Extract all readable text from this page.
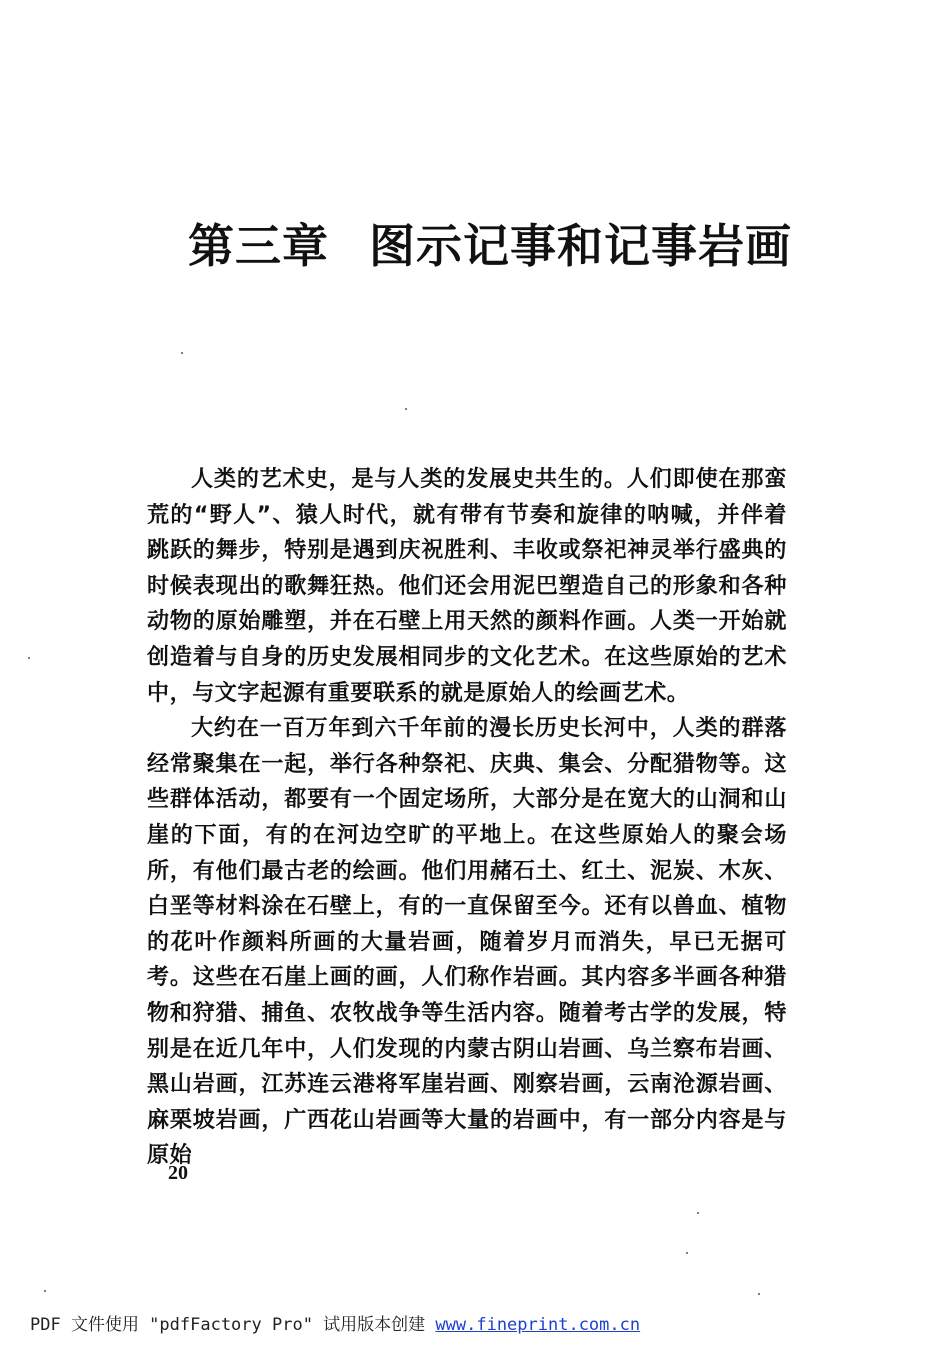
第三章 图示记事和记事岩画

人类的艺术史，是与人类的发展史共生的。人们即使在那蛮荒的“野人”、猿人时代，就有带有节奏和旋律的呐喊，并伴着跳跃的舞步，特别是遇到庆祝胜利、丰收或祭祀神灵举行盛典的时候表现出的歌舞狂热。他们还会用泥巴塑造自己的形象和各种动物的原始雕塑，并在石壁上用天然的颜料作画。人类一开始就创造着与自身的历史发展相同步的文化艺术。在这些原始的艺术中，与文字起源有重要联系的就是原始人的绘画艺术。

大约在一百万年到六千年前的漫长历史长河中，人类的群落经常聚集在一起，举行各种祭祀、庆典、集会、分配猎物等。这些群体活动，都要有一个固定场所，大部分是在宽大的山洞和山崖的下面，有的在河边空旷的平地上。在这些原始人的聚会场所，有他们最古老的绘画。他们用赭石土、红土、泥炭、木灰、白垩等材料涂在石壁上，有的一直保留至今。还有以兽血、植物的花叶作颜料所画的大量岩画，随着岁月而消失，早已无据可考。这些在石崖上画的画，人们称作岩画。其内容多半画各种猎物和狩猎、捕鱼、农牧战争等生活内容。随着考古学的发展，特别是在近几年中，人们发现的内蒙古阴山岩画、乌兰察布岩画、黑山岩画，江苏连云港将军崖岩画、刚察岩画，云南沧源岩画、麻栗坡岩画，广西花山岩画等大量的岩画中，有一部分内容是与原始

20
PDF 文件使用 "pdfFactory Pro" 试用版本创建 www.fineprint.com.cn
